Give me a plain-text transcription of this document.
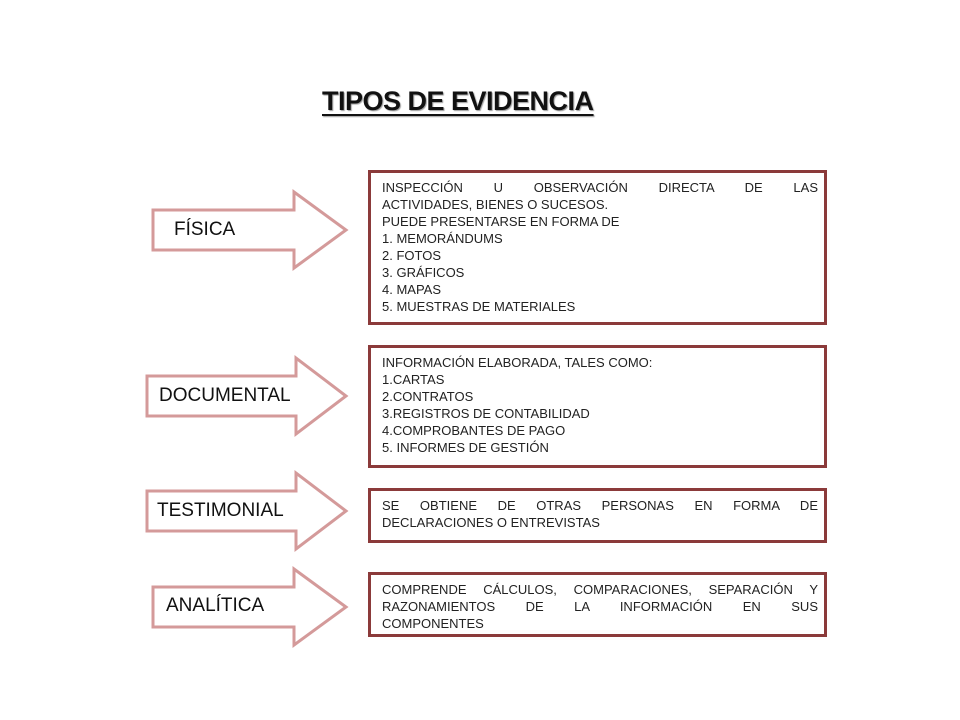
TIPOS DE EVIDENCIA
FÍSICA
INSPECCIÓN U OBSERVACIÓN DIRECTA DE LAS
ACTIVIDADES, BIENES O SUCESOS.
PUEDE PRESENTARSE EN FORMA DE
1. MEMORÁNDUMS
2. FOTOS
3. GRÁFICOS
4. MAPAS
5. MUESTRAS DE MATERIALES
DOCUMENTAL
INFORMACIÓN ELABORADA, TALES COMO:
1.CARTAS
2.CONTRATOS
3.REGISTROS DE CONTABILIDAD
4.COMPROBANTES DE PAGO
5. INFORMES DE GESTIÓN
TESTIMONIAL	SE OBTIENE DE OTRAS PERSONAS EN FORMA DE
DECLARACIONES O ENTREVISTAS
ANALÍTICA
COMPRENDE CÁLCULOS, COMPARACIONES, SEPARACIÓN Y
RAZONAMIENTOS DE LA INFORMACIÓN EN SUS
COMPONENTES
